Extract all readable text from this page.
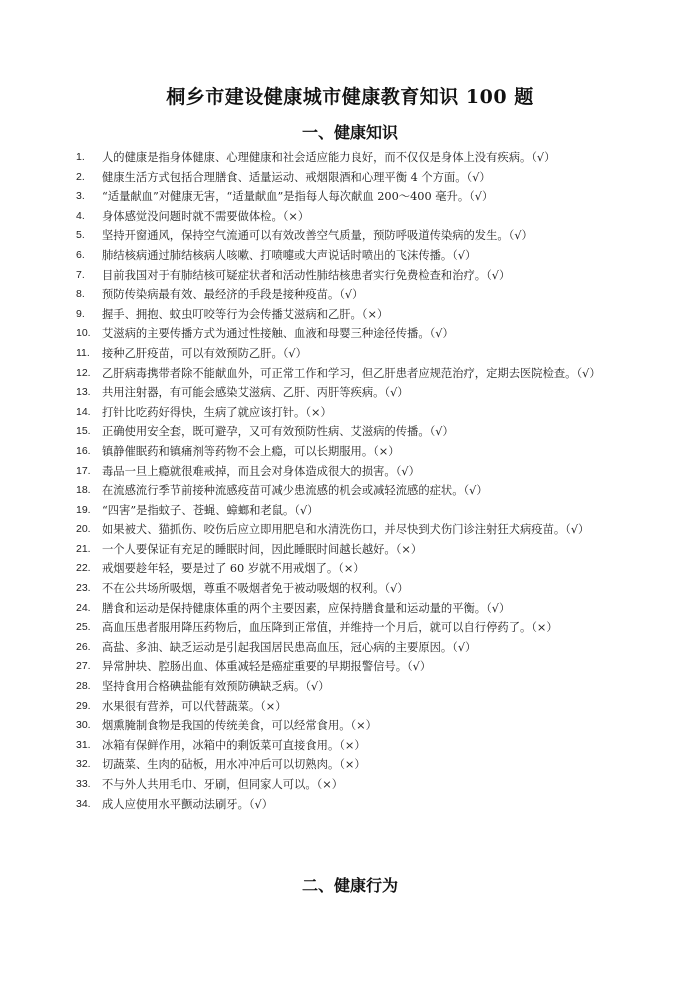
桐乡市建设健康城市健康教育知识 100 题
一、健康知识
1.	人的健康是指身体健康、心理健康和社会适应能力良好，而不仅仅是身体上没有疾病。（√）
2.	健康生活方式包括合理膳食、适量运动、戒烟限酒和心理平衡 4 个方面。（√）
3.	“适量献血”对健康无害，“适量献血”是指每人每次献血 200～400 毫升。（√）
4.	身体感觉没问题时就不需要做体检。（×）
5.	坚持开窗通风，保持空气流通可以有效改善空气质量，预防呼吸道传染病的发生。（√）
6.	肺结核病通过肺结核病人咳嗽、打喷嚏或大声说话时喷出的飞沫传播。（√）
7.	目前我国对于有肺结核可疑症状者和活动性肺结核患者实行免费检查和治疗。（√）
8.	预防传染病最有效、最经济的手段是接种疫苗。（√）
9.	握手、拥抱、蚊虫叮咬等行为会传播艾滋病和乙肝。（×）
10.	艾滋病的主要传播方式为通过性接触、血液和母婴三种途径传播。（√）
11.	接种乙肝疫苗，可以有效预防乙肝。（√）
12.	乙肝病毒携带者除不能献血外，可正常工作和学习，但乙肝患者应规范治疗，定期去医院检查。（√）
13.	共用注射器，有可能会感染艾滋病、乙肝、丙肝等疾病。（√）
14.	打针比吃药好得快，生病了就应该打针。（×）
15.	正确使用安全套，既可避孕，又可有效预防性病、艾滋病的传播。（√）
16.	镇静催眠药和镇痛剂等药物不会上瘾，可以长期服用。（×）
17.	毒品一旦上瘾就很难戒掉，而且会对身体造成很大的损害。（√）
18.	在流感流行季节前接种流感疫苗可减少患流感的机会或减轻流感的症状。（√）
19.	“四害”是指蚊子、苍蝇、蟑螂和老鼠。（√）
20.	如果被犬、猫抓伤、咬伤后应立即用肥皂和水清洗伤口，并尽快到犬伤门诊注射狂犬病疫苗。（√）
21.	一个人要保证有充足的睡眠时间，因此睡眠时间越长越好。（×）
22.	戒烟要趁年轻，要是过了 60 岁就不用戒烟了。（×）
23.	不在公共场所吸烟，尊重不吸烟者免于被动吸烟的权利。（√）
24.	膳食和运动是保持健康体重的两个主要因素，应保持膳食量和运动量的平衡。（√）
25.	高血压患者服用降压药物后，血压降到正常值，并维持一个月后，就可以自行停药了。（×）
26.	高盐、多油、缺乏运动是引起我国居民患高血压，冠心病的主要原因。（√）
27.	异常肿块、腔肠出血、体重减轻是癌症重要的早期报警信号。（√）
28.	坚持食用合格碘盐能有效预防碘缺乏病。（√）
29.	水果很有营养，可以代替蔬菜。（×）
30.	烟熏腌制食物是我国的传统美食，可以经常食用。（×）
31.	冰箱有保鲜作用，冰箱中的剩饭菜可直接食用。（×）
32.	切蔬菜、生肉的砧板，用水冲冲后可以切熟肉。（×）
33.	不与外人共用毛巾、牙刷，但同家人可以。（×）
34.	成人应使用水平颤动法刷牙。（√）
二、健康行为
